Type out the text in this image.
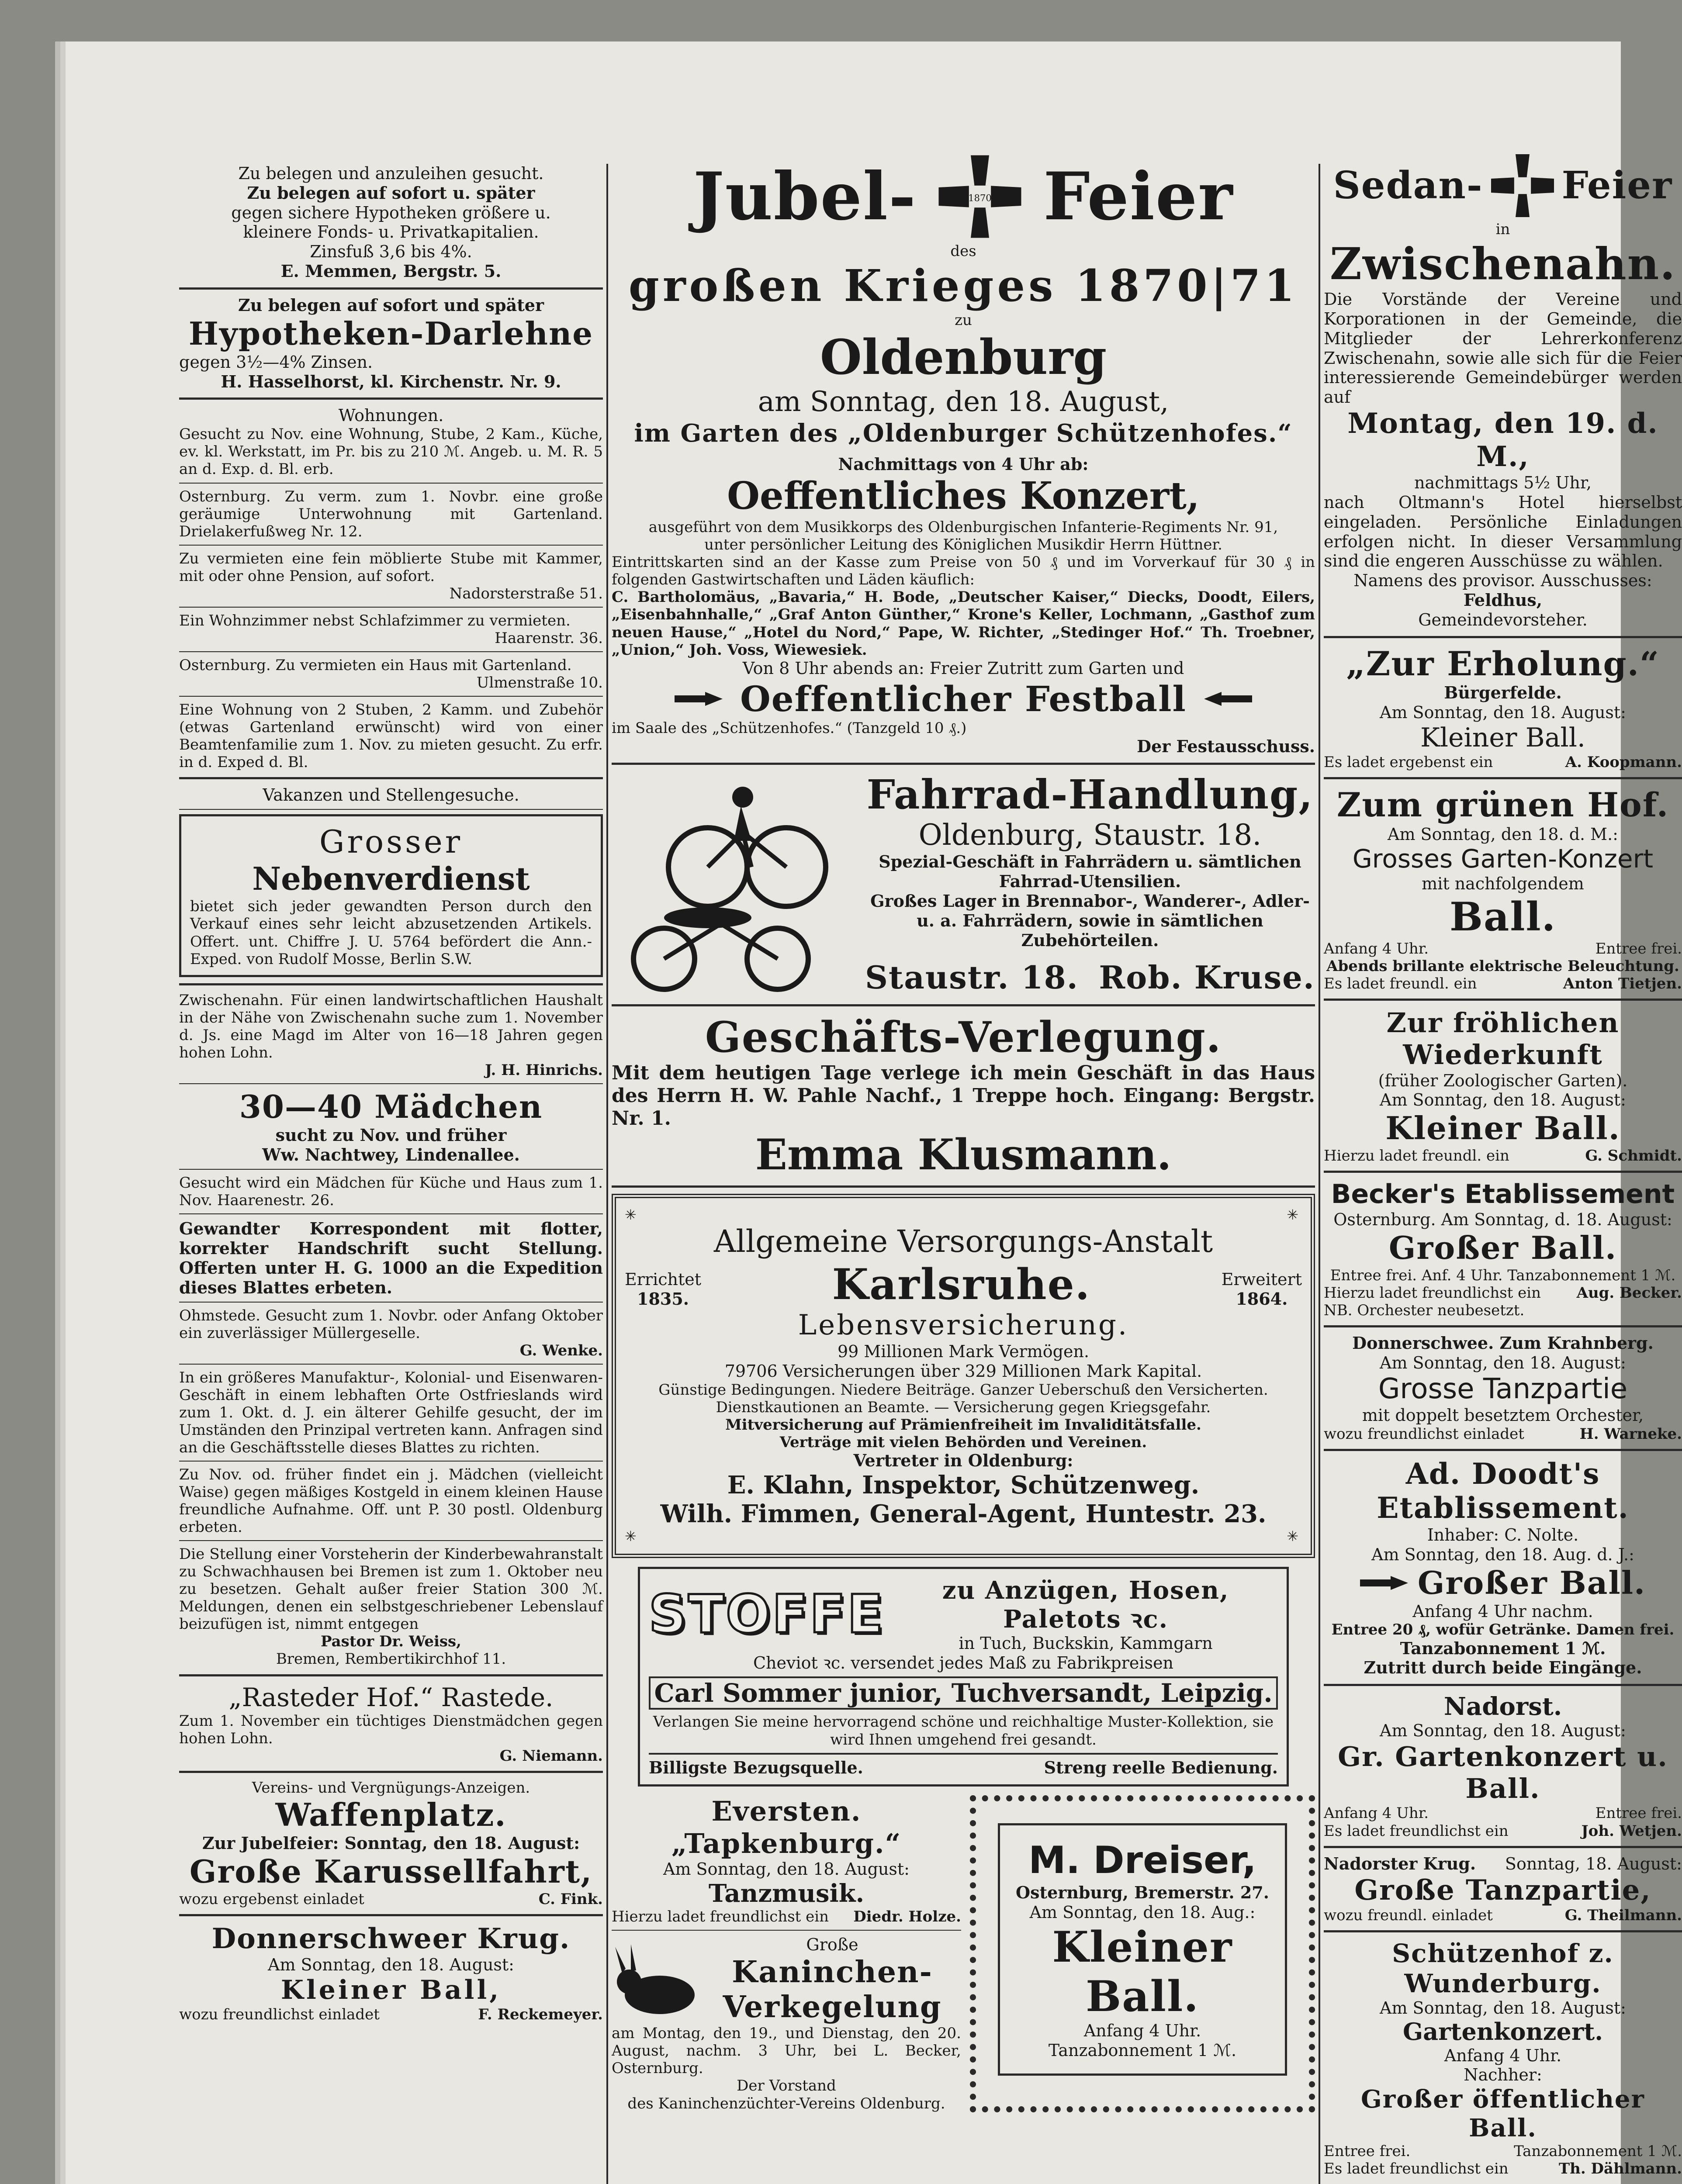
Zu belegen und anzuleihen gesucht.
Zu belegen auf sofort u. später
gegen sichere Hypotheken größere u.
kleinere Fonds- u. Privatkapitalien.
Zinsfuß 3,6 bis 4%.
E. Memmen, Bergstr. 5.
Zu belegen auf sofort und später
Hypotheken-Darlehne
gegen 3½—4% Zinsen.
H. Hasselhorst, kl. Kirchenstr. Nr. 9.
Wohnungen.
Gesucht zu Nov. eine Wohnung, Stube, 2 Kam., Küche, ev. kl. Werkstatt, im Pr. bis zu 210 ℳ. Angeb. u. M. R. 5 an d. Exp. d. Bl. erb.
Osternburg. Zu verm. zum 1. Novbr. eine große geräumige Unterwohnung mit Gartenland. Drielakerfußweg Nr. 12.
Zu vermieten eine fein möblierte Stube mit Kammer, mit oder ohne Pension, auf sofort.
Nadorsterstraße 51.
Ein Wohnzimmer nebst Schlafzimmer zu vermieten.
Haarenstr. 36.
Osternburg. Zu vermieten ein Haus mit Gartenland.
Ulmenstraße 10.
Eine Wohnung von 2 Stuben, 2 Kamm. und Zubehör (etwas Gartenland erwünscht) wird von einer Beamtenfamilie zum 1. Nov. zu mieten gesucht. Zu erfr. in d. Exped d. Bl.
Vakanzen und Stellengesuche.
Grosser
Nebenverdienst
bietet sich jeder gewandten Person durch den Verkauf eines sehr leicht abzusetzenden Artikels. Offert. unt. Chiffre J. U. 5764 befördert die Ann.-Exped. von Rudolf Mosse, Berlin S.W.
Zwischenahn. Für einen landwirtschaftlichen Haushalt in der Nähe von Zwischenahn suche zum 1. November d. Js. eine Magd im Alter von 16—18 Jahren gegen hohen Lohn.
J. H. Hinrichs.
30—40 Mädchen
sucht zu Nov. und früher
Ww. Nachtwey, Lindenallee.
Gesucht wird ein Mädchen für Küche und Haus zum 1. Nov. Haarenestr. 26.
Gewandter Korrespondent mit flotter, korrekter Handschrift sucht Stellung. Offerten unter H. G. 1000 an die Expedition dieses Blattes erbeten.
Ohmstede. Gesucht zum 1. Novbr. oder Anfang Oktober ein zuverlässiger Müllergeselle.
G. Wenke.
In ein größeres Manufaktur-, Kolonial- und Eisenwaren-Geschäft in einem lebhaften Orte Ostfrieslands wird zum 1. Okt. d. J. ein älterer Gehilfe gesucht, der im Umständen den Prinzipal vertreten kann. Anfragen sind an die Geschäftsstelle dieses Blattes zu richten.
Zu Nov. od. früher findet ein j. Mädchen (vielleicht Waise) gegen mäßiges Kostgeld in einem kleinen Hause freundliche Aufnahme. Off. unt P. 30 postl. Oldenburg erbeten.
Die Stellung einer Vorsteherin der Kinderbewahranstalt zu Schwachhausen bei Bremen ist zum 1. Oktober neu zu besetzen. Gehalt außer freier Station 300 ℳ. Meldungen, denen ein selbstgeschriebener Lebenslauf beizufügen ist, nimmt entgegen
Pastor Dr. Weiss,
Bremen, Rembertikirchhof 11.
„Rasteder Hof.“ Rastede.
Zum 1. November ein tüchtiges Dienstmädchen gegen hohen Lohn.
G. Niemann.
Vereins- und Vergnügungs-Anzeigen.
Waffenplatz.
Zur Jubelfeier: Sonntag, den 18. August:
Große Karussellfahrt,
wozu ergebenst einladet	C. Fink.
Donnerschweer Krug.
Am Sonntag, den 18. August:
Kleiner Ball,
wozu freundlichst einladet	F. Reckemeyer.
Jubel-	1870 Feier
des
großen Krieges 1870|71
zu
Oldenburg
am Sonntag, den 18. August,
im Garten des „Oldenburger Schützenhofes.“
Nachmittags von 4 Uhr ab:
Oeffentliches Konzert,
ausgeführt von dem Musikkorps des Oldenburgischen Infanterie-Regiments Nr. 91,
unter persönlicher Leitung des Königlichen Musikdir Herrn Hüttner.
Eintrittskarten sind an der Kasse zum Preise von 50 ₰ und im Vorverkauf für 30 ₰ in folgenden Gastwirtschaften und Läden käuflich:
C. Bartholomäus, „Bavaria,“ H. Bode, „Deutscher Kaiser,“ Diecks, Doodt, Eilers, „Eisenbahnhalle,“ „Graf Anton Günther,“ Krone's Keller, Lochmann, „Gasthof zum neuen Hause,“ „Hotel du Nord,“ Pape, W. Richter, „Stedinger Hof.“ Th. Troebner, „Union,“ Joh. Voss, Wiewesiek.
Von 8 Uhr abends an: Freier Zutritt zum Garten und
Oeffentlicher Festball
im Saale des „Schützenhofes.“ (Tanzgeld 10 ₰.)
Der Festausschuss.
Fahrrad-Handlung,
Oldenburg, Staustr. 18.
Spezial-Geschäft in Fahrrädern u. sämtlichen Fahrrad-Utensilien.
Großes Lager in Brennabor-, Wanderer-, Adler- u. a. Fahrrädern, sowie in sämtlichen Zubehörteilen.
Staustr. 18. Rob. Kruse.
Geschäfts-Verlegung.
Mit dem heutigen Tage verlege ich mein Geschäft in das Haus des Herrn H. W. Pahle Nachf., 1 Treppe hoch. Eingang: Bergstr. Nr. 1.
Emma Klusmann.
✳	✳
Allgemeine Versorgungs-Anstalt
Errichtet
1835.	Karlsruhe.	Erweitert
1864.
Lebensversicherung.
99 Millionen Mark Vermögen.
79706 Versicherungen über 329 Millionen Mark Kapital.
Günstige Bedingungen. Niedere Beiträge. Ganzer Ueberschuß den Versicherten.
Dienstkautionen an Beamte. — Versicherung gegen Kriegsgefahr.
Mitversicherung auf Prämienfreiheit im Invaliditätsfalle.
Verträge mit vielen Behörden und Vereinen.
Vertreter in Oldenburg:
E. Klahn, Inspektor, Schützenweg.
Wilh. Fimmen, General-Agent, Huntestr. 23.
✳	✳
STOFFE	zu Anzügen, Hosen,
Paletots ꝛc.
in Tuch, Buckskin, Kammgarn
Cheviot ꝛc. versendet jedes Maß zu Fabrikpreisen
Carl Sommer junior, Tuchversandt, Leipzig.
Verlangen Sie meine hervorragend schöne und reichhaltige Muster-Kollektion, sie wird Ihnen umgehend frei gesandt.
Billigste Bezugsquelle.	Streng reelle Bedienung.
Eversten. „Tapkenburg.“
Am Sonntag, den 18. August:
Tanzmusik.
Hierzu ladet freundlichst ein Diedr. Holze.
Große
Kaninchen-
Verkegelung
am Montag, den 19., und Dienstag, den 20. August, nachm. 3 Uhr, bei L. Becker, Osternburg.
Der Vorstand
des Kaninchenzüchter-Vereins Oldenburg.
M. Dreiser,
Osternburg, Bremerstr. 27.
Am Sonntag, den 18. Aug.:
Kleiner Ball.
Anfang 4 Uhr.
Tanzabonnement 1 ℳ.
Sedan- Feier
in
Zwischenahn.
Die Vorstände der Vereine und Korporationen in der Gemeinde, die Mitglieder der Lehrerkonferenz Zwischenahn, sowie alle sich für die Feier interessierende Gemeindebürger werden auf
Montag, den 19. d. M.,
nachmittags 5½ Uhr,
nach Oltmann's Hotel hierselbst eingeladen. Persönliche Einladungen erfolgen nicht. In dieser Versammlung sind die engeren Ausschüsse zu wählen.
Namens des provisor. Ausschusses:
Feldhus,
Gemeindevorsteher.
„Zur Erholung.“
Bürgerfelde.
Am Sonntag, den 18. August:
Kleiner Ball.
Es ladet ergebenst ein	A. Koopmann.
Zum grünen Hof.
Am Sonntag, den 18. d. M.:
Grosses Garten-Konzert
mit nachfolgendem
Ball.
Anfang 4 Uhr.	Entree frei.
Abends brillante elektrische Beleuchtung.
Es ladet freundl. ein	Anton Tietjen.
Zur fröhlichen Wiederkunft
(früher Zoologischer Garten).
Am Sonntag, den 18. August:
Kleiner Ball.
Hierzu ladet freundl. ein	G. Schmidt.
Becker's Etablissement
Osternburg. Am Sonntag, d. 18. August:
Großer Ball.
Entree frei. Anf. 4 Uhr. Tanzabonnement 1 ℳ.
Hierzu ladet freundlichst ein Aug. Becker.
NB. Orchester neubesetzt.
Donnerschwee. Zum Krahnberg.
Am Sonntag, den 18. August:
Grosse Tanzpartie
mit doppelt besetztem Orchester,
wozu freundlichst einladet	H. Warneke.
Ad. Doodt's Etablissement.
Inhaber: C. Nolte.
Am Sonntag, den 18. Aug. d. J.:
Großer Ball.
Anfang 4 Uhr nachm.
Entree 20 ₰, wofür Getränke. Damen frei.
Tanzabonnement 1 ℳ.
Zutritt durch beide Eingänge.
Nadorst.
Am Sonntag, den 18. August:
Gr. Gartenkonzert u. Ball.
Anfang 4 Uhr.	Entree frei.
Es ladet freundlichst ein	Joh. Wetjen.
Nadorster Krug. Sonntag, 18. August:
Große Tanzpartie,
wozu freundl. einladet	G. Theilmann.
Schützenhof z. Wunderburg.
Am Sonntag, den 18. August:
Gartenkonzert.
Anfang 4 Uhr.
Nachher:
Großer öffentlicher Ball.
Entree frei.	Tanzabonnement 1 ℳ.
Es ladet freundlichst ein	Th. Dählmann.
